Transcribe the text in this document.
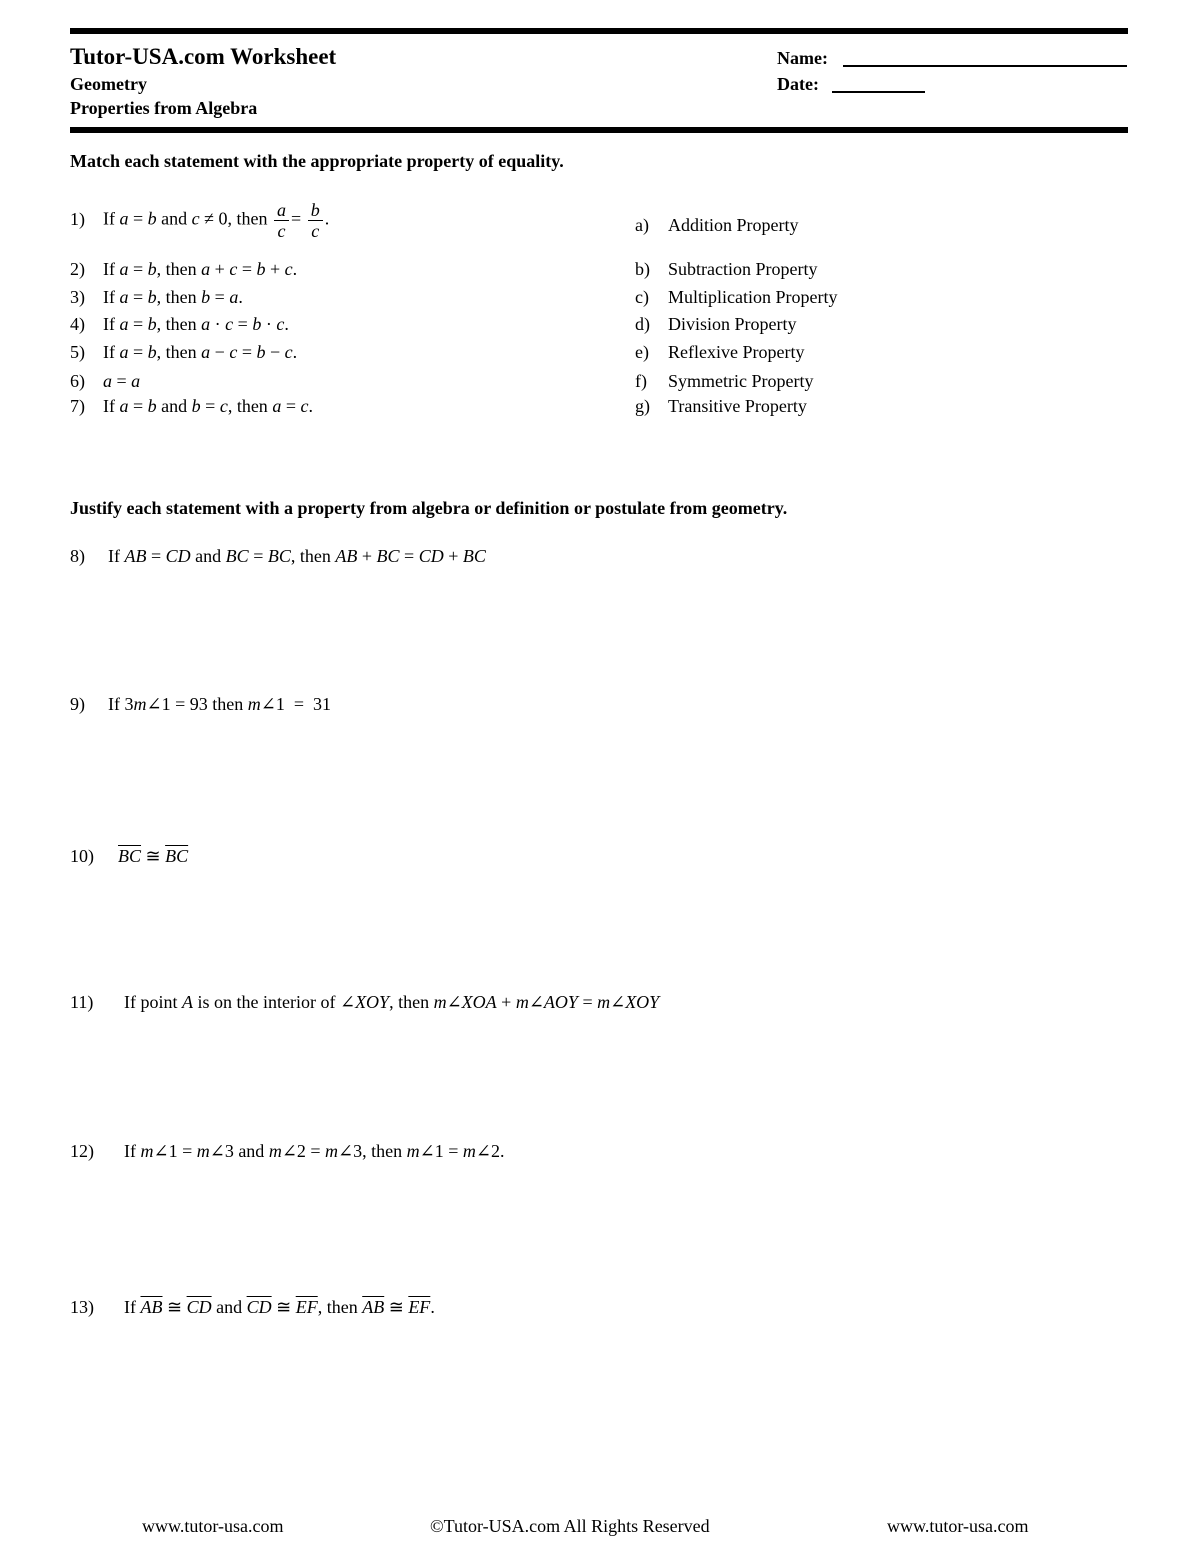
Tutor-USA.com Worksheet
Geometry
Properties from Algebra
Name:
Date:
Match each statement with the appropriate property of equality.
1) If a = b and c ≠ 0, then $\frac{a}{c} = \frac{b}{c}$ .
2) If a = b, then a + c = b + c.
3) If a = b, then b = a.
4) If a = b, then a · c = b · c.
5) If a = b, then a − c = b − c.
6) a = a
7) If a = b and b = c, then a = c.
a) Addition Property
b) Subtraction Property
c) Multiplication Property
d) Division Property
e) Reflexive Property
f) Symmetric Property
g) Transitive Property
Justify each statement with a property from algebra or definition or postulate from geometry.
8) If AB = CD and BC = BC, then AB + BC = CD + BC
9) If 3m∠1 = 93 then m∠1  =  31
10) $\overline{BC}$ ≅ $\overline{BC}$
11) If point A is on the interior of ∠XOY, then m∠XOA + m∠AOY = m∠XOY
12) If m∠1 = m∠3 and m∠2 = m∠3, then m∠1 = m∠2.
13) If $\overline{AB}$ ≅ $\overline{CD}$ and $\overline{CD}$ ≅ $\overline{EF}$, then $\overline{AB}$ ≅ $\overline{EF}$.
www.tutor-usa.com	©Tutor-USA.com All Rights Reserved	www.tutor-usa.com
